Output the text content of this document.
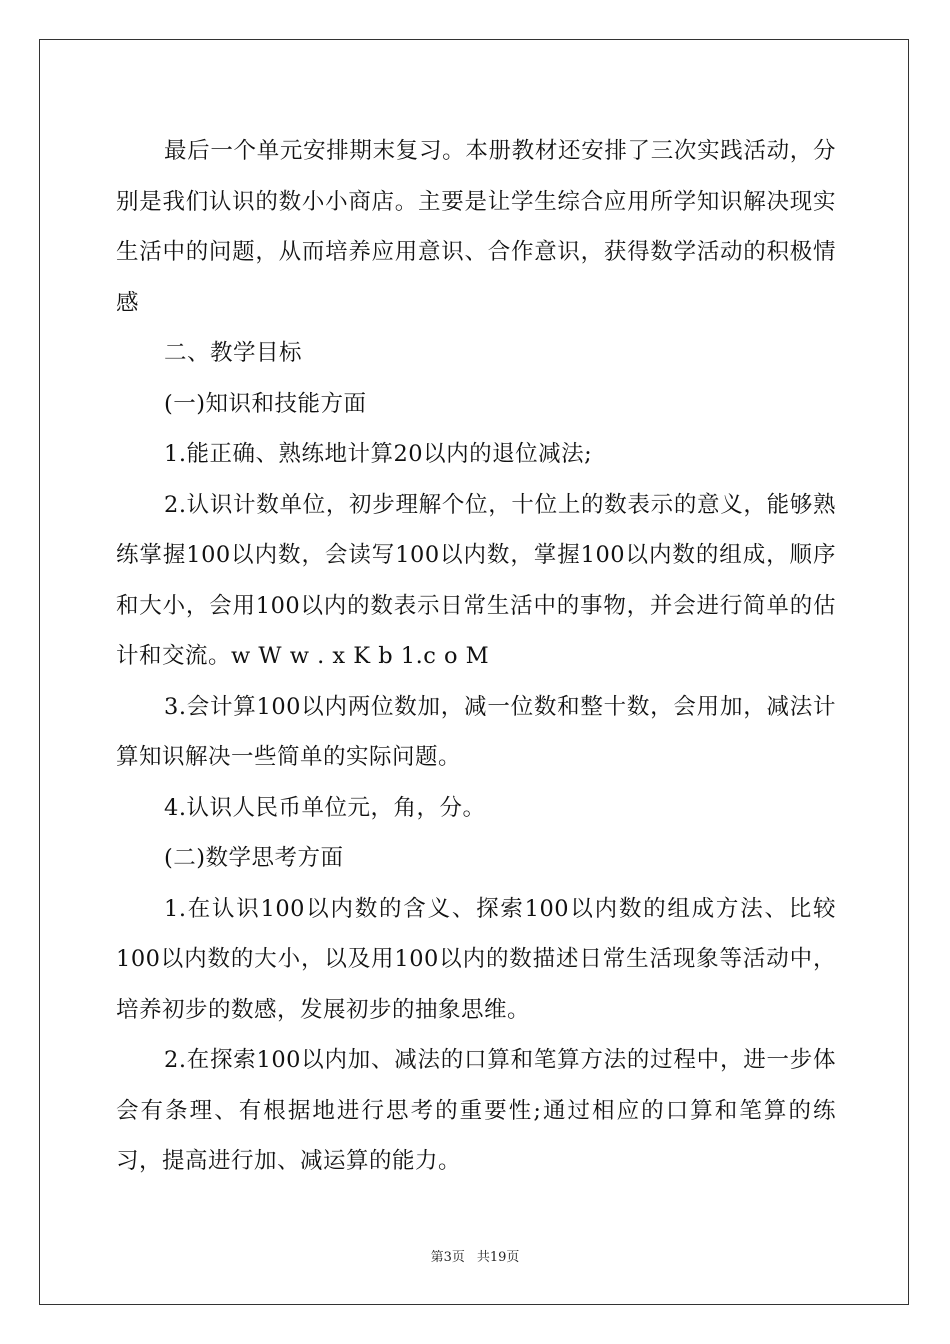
最后一个单元安排期末复习。本册教材还安排了三次实践活动，分别是我们认识的数小小商店。主要是让学生综合应用所学知识解决现实生活中的问题，从而培养应用意识、合作意识，获得数学活动的积极情感

二、教学目标

(一)知识和技能方面

1.能正确、熟练地计算20以内的退位减法;

2.认识计数单位，初步理解个位，十位上的数表示的意义，能够熟练掌握100以内数，会读写100以内数，掌握100以内数的组成，顺序和大小，会用100以内的数表示日常生活中的事物，并会进行简单的估计和交流。w W w . x K b 1.c o M

3.会计算100以内两位数加，减一位数和整十数，会用加，减法计算知识解决一些简单的实际问题。

4.认识人民币单位元，角，分。

(二)数学思考方面

1.在认识100以内数的含义、探索100以内数的组成方法、比较100以内数的大小，以及用100以内的数描述日常生活现象等活动中，培养初步的数感，发展初步的抽象思维。

2.在探索100以内加、减法的口算和笔算方法的过程中，进一步体会有条理、有根据地进行思考的重要性;通过相应的口算和笔算的练习，提高进行加、减运算的能力。

第3页 共19页
